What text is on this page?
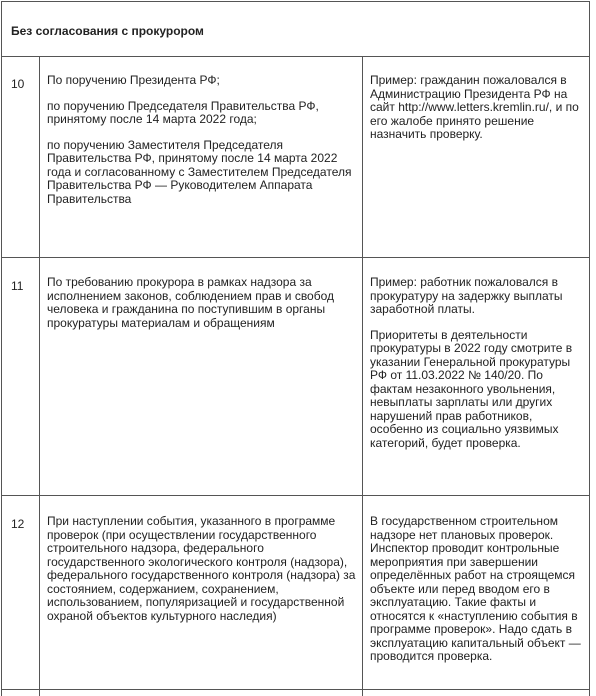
Без согласования с прокурором
10 По поручению Президента РФ;

по поручению Председателя Правительства РФ, принятому после 14 марта 2022 года;

по поручению Заместителя Председателя Правительства РФ, принятому после 14 марта 2022 года и согласованному с Заместителем Председателя Правительства РФ — Руководителем Аппарата Правительства

Пример: гражданин пожаловался в Администрацию Президента РФ на сайт http://www.letters.kremlin.ru/, и по его жалобе принято решение назначить проверку.

11 По требованию прокурора в рамках надзора за исполнением законов, соблюдением прав и свобод человека и гражданина по поступившим в органы прокуратуры материалам и обращениям

Пример: работник пожаловался в прокуратуру на задержку выплаты заработной платы.

Приоритеты в деятельности прокуратуры в 2022 году смотрите в указании Генеральной прокуратуры РФ от 11.03.2022 № 140/20. По фактам незаконного увольнения, невыплаты зарплаты или других нарушений прав работников, особенно из социально уязвимых категорий, будет проверка.

12 При наступлении события, указанного в программе проверок (при осуществлении государственного строительного надзора, федерального государственного экологического контроля (надзора), федерального государственного контроля (надзора) за состоянием, содержанием, сохранением, использованием, популяризацией и государственной охраной объектов культурного наследия)

В государственном строительном надзоре нет плановых проверок. Инспектор проводит контрольные мероприятия при завершении определённых работ на строящемся объекте или перед вводом его в эксплуатацию. Такие факты и относятся к «наступлению события в программе проверок». Надо сдать в эксплуатацию капитальный объект — проводится проверка.
